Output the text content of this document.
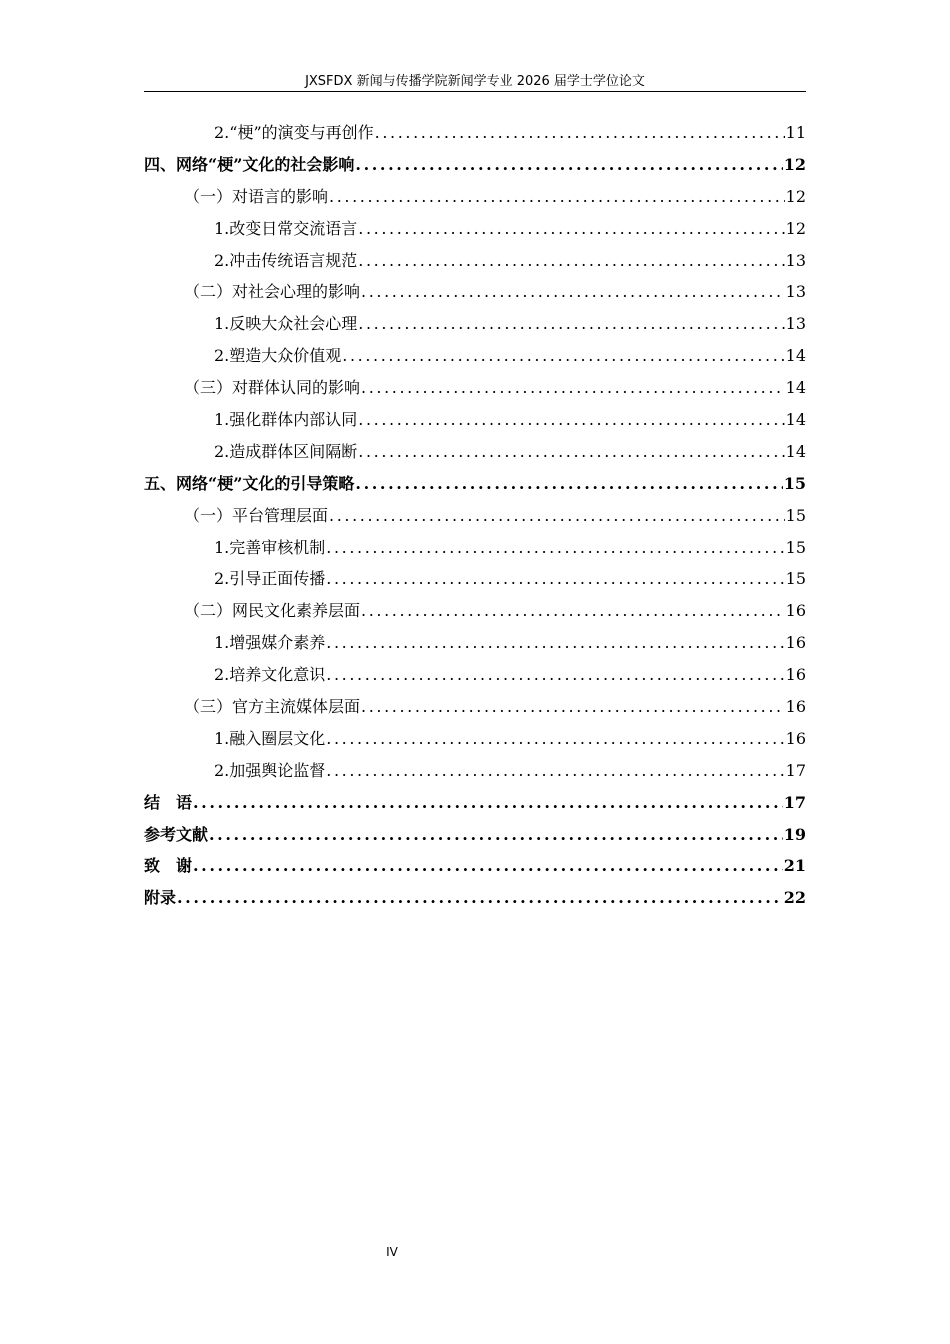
JXSFDX 新闻与传播学院新闻学专业 2026 届学士学位论文
2.“梗”的演变与再创作 .....	11
四、网络“梗”文化的社会影响 .....	12
（一）对语言的影响 .....	12
1.改变日常交流语言 .....	12
2.冲击传统语言规范 .....	13
（二）对社会心理的影响 .....	13
1.反映大众社会心理 .....	13
2.塑造大众价值观 .....	14
（三）对群体认同的影响 .....	14
1.强化群体内部认同 .....	14
2.造成群体区间隔断 .....	14
五、网络“梗”文化的引导策略 .....	15
（一）平台管理层面 .....	15
1.完善审核机制 .....	15
2.引导正面传播 .....	15
（二）网民文化素养层面 .....	16
1.增强媒介素养 .....	16
2.培养文化意识 .....	16
（三）官方主流媒体层面 .....	16
1.融入圈层文化 .....	16
2.加强舆论监督 .....	17
结　语 .....	17
参考文献 .....	19
致　谢 .....	21
附录 .....	22
IV
